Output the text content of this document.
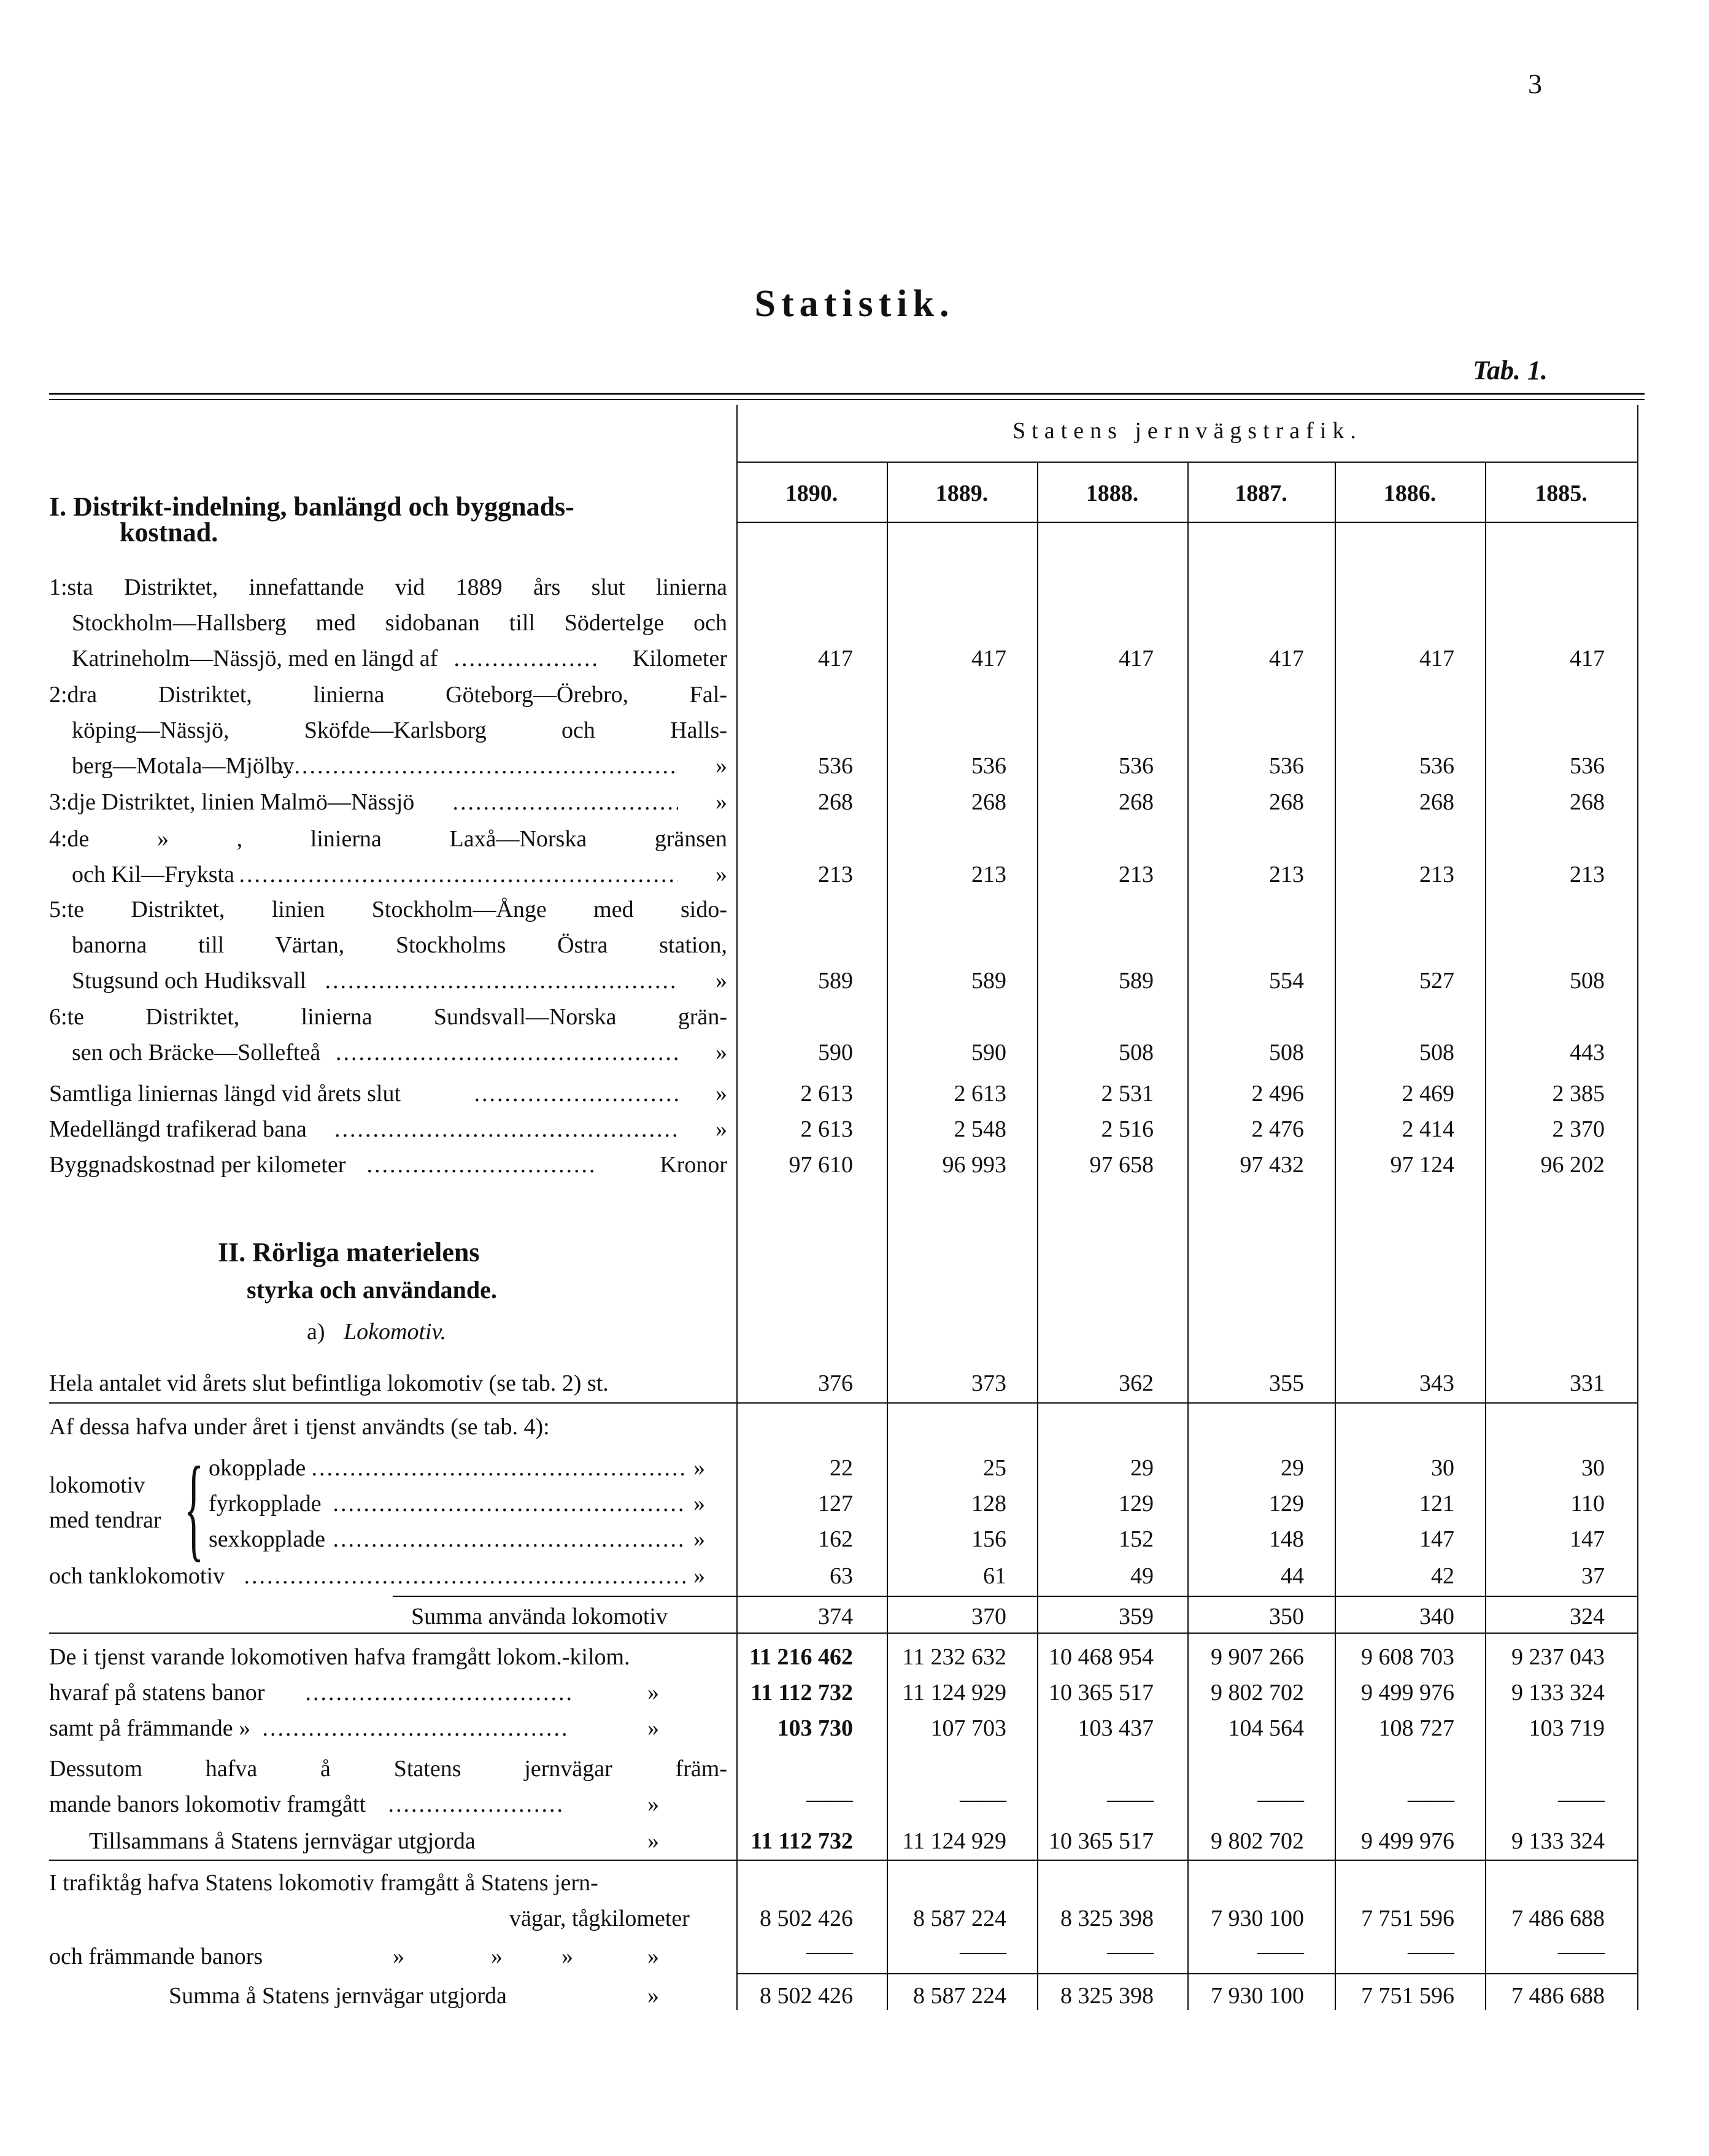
3
Statistik.
Tab. 1.
Statens jernvägstrafik.
1890.	1889.	1888.	1887.	1886.	1885.
I. Distrikt-indelning, banlängd och byggnads-
kostnad.
1:sta Distriktet, innefattande vid 1889 års slut linierna
Stockholm—Hallsberg med sidobanan till Södertelge och
Katrineholm—Nässjö, med en längd af .....	Kilometer	417	417	417	417	417	417
2:dra Distriktet, linierna Göteborg—Örebro, Fal-
köping—Nässjö, Sköfde—Karlsborg och Halls-
berg—Motala—Mjölby .....	»	536	536	536	536	536	536
3:dje Distriktet, linien Malmö—Nässjö .....	»	268	268	268	268	268	268
4:de » , linierna Laxå—Norska gränsen
och Kil—Fryksta .....	»	213	213	213	213	213	213
5:te Distriktet, linien Stockholm—Ånge med sido-
banorna till Värtan, Stockholms Östra station,
Stugsund och Hudiksvall .....	»	589	589	589	554	527	508
6:te Distriktet, linierna Sundsvall—Norska grän-
sen och Bräcke—Sollefteå .....	»	590	590	508	508	508	443
Samtliga liniernas längd vid årets slut .....	»	2 613	2 613	2 531	2 496	2 469	2 385
Medellängd trafikerad bana .....	»	2 613	2 548	2 516	2 476	2 414	2 370
Byggnadskostnad per kilometer .....	Kronor	97 610	96 993	97 658	97 432	97 124	96 202
II. Rörliga materielens
styrka och användande.
a) Lokomotiv.
Hela antalet vid årets slut befintliga lokomotiv (se tab. 2) st.	376	373	362	355	343	331
Af dessa hafva under året i tjenst användts (se tab. 4):
lokomotiv
med tendrar { okopplade .....	»	22	25	29	29	30	30
fyrkopplade .....	»	127	128	129	129	121	110
sexkopplade .....	»	162	156	152	148	147	147
och tanklokomotiv .....	»	63	61	49	44	42	37
Summa använda lokomotiv	374	370	359	350	340	324
De i tjenst varande lokomotiven hafva framgått lokom.-kilom.	11 216 462	11 232 632	10 468 954	9 907 266	9 608 703	9 237 043
hvaraf på statens banor .....	»	11 112 732	11 124 929	10 365 517	9 802 702	9 499 976	9 133 324
samt på främmande » .....	»	103 730	107 703	103 437	104 564	108 727	103 719
Dessutom hafva å Statens jernvägar främ-
mande banors lokomotiv framgått .....	»	——	——	——	——	——	——
Tillsammans å Statens jernvägar utgjorda	»	11 112 732	11 124 929	10 365 517	9 802 702	9 499 976	9 133 324
I trafiktåg hafva Statens lokomotiv framgått å Statens jern-
vägar, tågkilometer	8 502 426	8 587 224	8 325 398	7 930 100	7 751 596	7 486 688
och främmande banors	»	»	»	»	——	——	——	——	——	——
Summa å Statens jernvägar utgjorda	»	8 502 426	8 587 224	8 325 398	7 930 100	7 751 596	7 486 688
